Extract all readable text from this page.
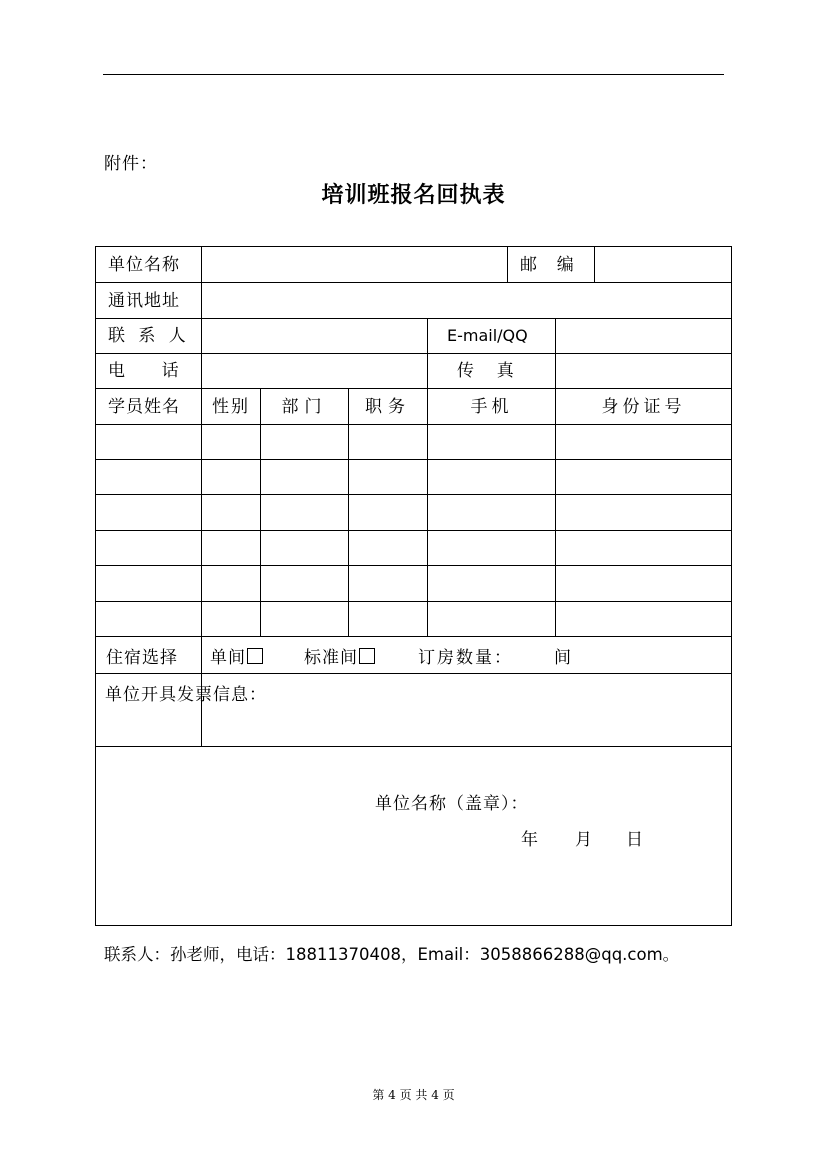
附件：
培训班报名回执表
单位名称	邮  编
通讯地址
联 系 人	E-mail/QQ
电    话	传  真
学员姓名	性别	部门	职务	手机	身份证号
住宿选择 单间	标准间	订房数量： 间
单位开具发票信息：
单位名称（盖章）：
年 月 日
联系人：孙老师，电话：18811370408，Email：3058866288@qq.com。
第 4 页 共 4 页
